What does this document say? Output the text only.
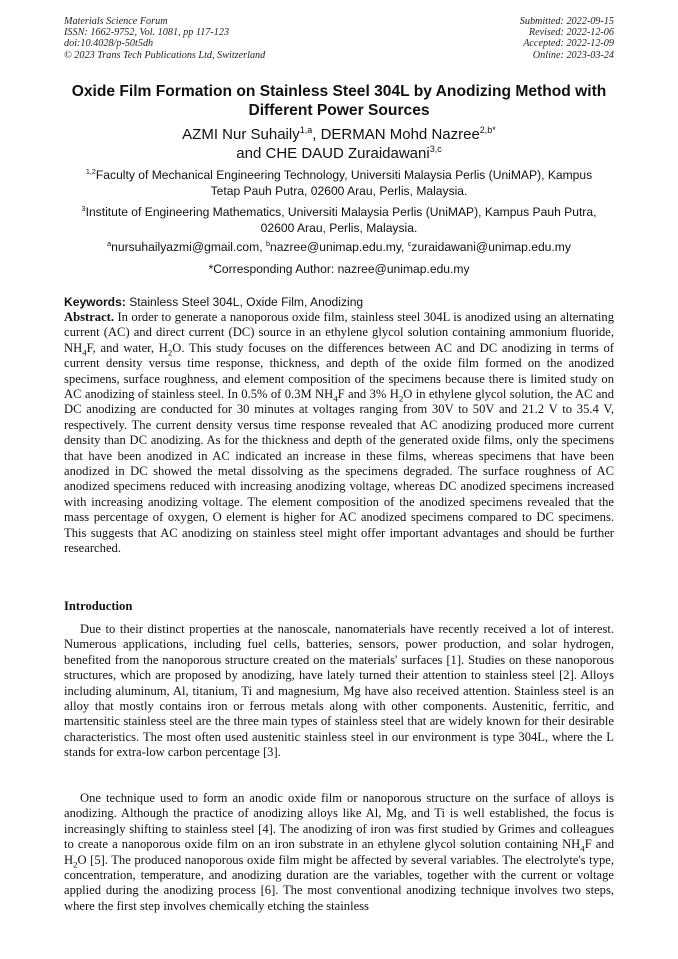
Materials Science Forum
ISSN: 1662-9752, Vol. 1081, pp 117-123
doi:10.4028/p-50t5dh
© 2023 Trans Tech Publications Ltd, Switzerland
Submitted: 2022-09-15
Revised: 2022-12-06
Accepted: 2022-12-09
Online: 2023-03-24
Oxide Film Formation on Stainless Steel 304L by Anodizing Method with
Different Power Sources
AZMI Nur Suhaily$^{1,a}$, DERMAN Mohd Nazree$^{2,b*}$
and CHE DAUD Zuraidawani$^{3,c}$
$^{1,2}$Faculty of Mechanical Engineering Technology, Universiti Malaysia Perlis (UniMAP), Kampus
Tetap Pauh Putra, 02600 Arau, Perlis, Malaysia.
$^3$Institute of Engineering Mathematics, Universiti Malaysia Perlis (UniMAP), Kampus Pauh Putra,
02600 Arau, Perlis, Malaysia.
$^a$nursuhailyazmi@gmail.com, $^b$nazree@unimap.edu.my, $^c$zuraidawani@unimap.edu.my
*Corresponding Author: nazree@unimap.edu.my
Keywords: Stainless Steel 304L, Oxide Film, Anodizing
Abstract. In order to generate a nanoporous oxide film, stainless steel 304L is anodized using an alternating current (AC) and direct current (DC) source in an ethylene glycol solution containing ammonium fluoride, $NH_4F$, and water, $H_2O$. This study focuses on the differences between AC and DC anodizing in terms of current density versus time response, thickness, and depth of the oxide film formed on the anodized specimens, surface roughness, and element composition of the specimens because there is limited study on AC anodizing of stainless steel. In 0.5% of 0.3M $NH_4F$ and 3% $H_2O$ in ethylene glycol solution, the AC and DC anodizing are conducted for 30 minutes at voltages ranging from 30V to 50V and 21.2 V to 35.4 V, respectively. The current density versus time response revealed that AC anodizing produced more current density than DC anodizing. As for the thickness and depth of the generated oxide films, only the specimens that have been anodized in AC indicated an increase in these films, whereas specimens that have been anodized in DC showed the metal dissolving as the specimens degraded. The surface roughness of AC anodized specimens reduced with increasing anodizing voltage, whereas DC anodized specimens increased with increasing anodizing voltage. The element composition of the anodized specimens revealed that the mass percentage of oxygen, O element is higher for AC anodized specimens compared to DC specimens. This suggests that AC anodizing on stainless steel might offer important advantages and should be further researched.
Introduction
Due to their distinct properties at the nanoscale, nanomaterials have recently received a lot of interest. Numerous applications, including fuel cells, batteries, sensors, power production, and solar hydrogen, benefited from the nanoporous structure created on the materials' surfaces [1]. Studies on these nanoporous structures, which are proposed by anodizing, have lately turned their attention to stainless steel [2]. Alloys including aluminum, Al, titanium, Ti and magnesium, Mg have also received attention. Stainless steel is an alloy that mostly contains iron or ferrous metals along with other components. Austenitic, ferritic, and martensitic stainless steel are the three main types of stainless steel that are widely known for their desirable characteristics. The most often used austenitic stainless steel in our environment is type 304L, where the L stands for extra-low carbon percentage [3].
One technique used to form an anodic oxide film or nanoporous structure on the surface of alloys is anodizing. Although the practice of anodizing alloys like Al, Mg, and Ti is well established, the focus is increasingly shifting to stainless steel [4]. The anodizing of iron was first studied by Grimes and colleagues to create a nanoporous oxide film on an iron substrate in an ethylene glycol solution containing $NH_4F$ and $H_2O$ [5]. The produced nanoporous oxide film might be affected by several variables. The electrolyte's type, concentration, temperature, and anodizing duration are the variables, together with the current or voltage applied during the anodizing process [6]. The most conventional anodizing technique involves two steps, where the first step involves chemically etching the stainless
